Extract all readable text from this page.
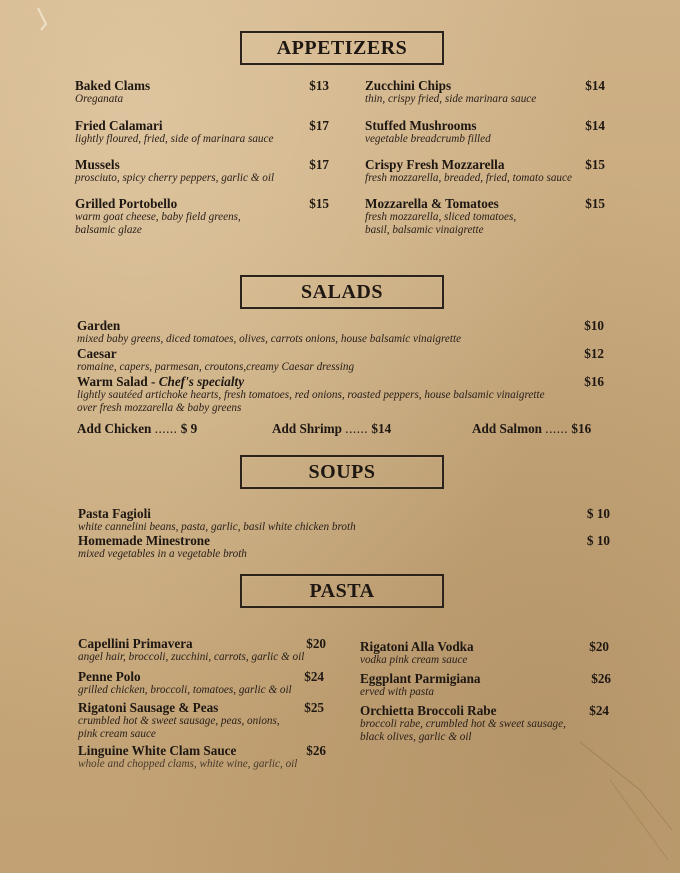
APPETIZERS
Baked Clams
Oreganata
$13
Fried Calamari
lightly floured, fried, side of marinara sauce
$17
Mussels
prosciuto, spicy cherry peppers, garlic & oil
$17
Grilled Portobello
warm goat cheese, baby field greens,
balsamic glaze
$15
Zucchini Chips
thin, crispy fried, side marinara sauce
$14
Stuffed Mushrooms
vegetable breadcrumb filled
$14
Crispy Fresh Mozzarella
fresh mozzarella, breaded, fried, tomato sauce
$15
Mozzarella & Tomatoes
fresh mozzarella, sliced tomatoes,
basil, balsamic vinaigrette
$15
SALADS
Garden
mixed baby greens, diced tomatoes, olives, carrots onions, house balsamic vinaigrette
$10
Caesar
romaine, capers, parmesan, croutons,creamy Caesar dressing
$12
Warm Salad - Chef's specialty
lightly sautéed artichoke hearts, fresh tomatoes, red onions, roasted peppers, house balsamic vinaigrette
over fresh mozzarella & baby greens
$16
Add Chicken ...... $ 9	Add Shrimp ...... $14	Add Salmon ...... $16
SOUPS
Pasta Fagioli
white cannelini beans, pasta, garlic, basil white chicken broth
$ 10
Homemade Minestrone
mixed vegetables in a vegetable broth
$ 10
PASTA
Capellini Primavera
angel hair, broccoli, zucchini, carrots, garlic & oil
$20
Penne Polo
grilled chicken, broccoli, tomatoes, garlic & oil
$24
Rigatoni Sausage & Peas
crumbled hot & sweet sausage, peas, onions,
pink cream sauce
$25
Linguine White Clam Sauce
whole and chopped clams, white wine, garlic, oil
$26
Rigatoni Alla Vodka
vodka pink cream sauce
$20
Eggplant Parmigiana
erved with pasta
$26
Orchietta Broccoli Rabe
broccoli rabe, crumbled hot & sweet sausage,
black olives, garlic & oil
$24
